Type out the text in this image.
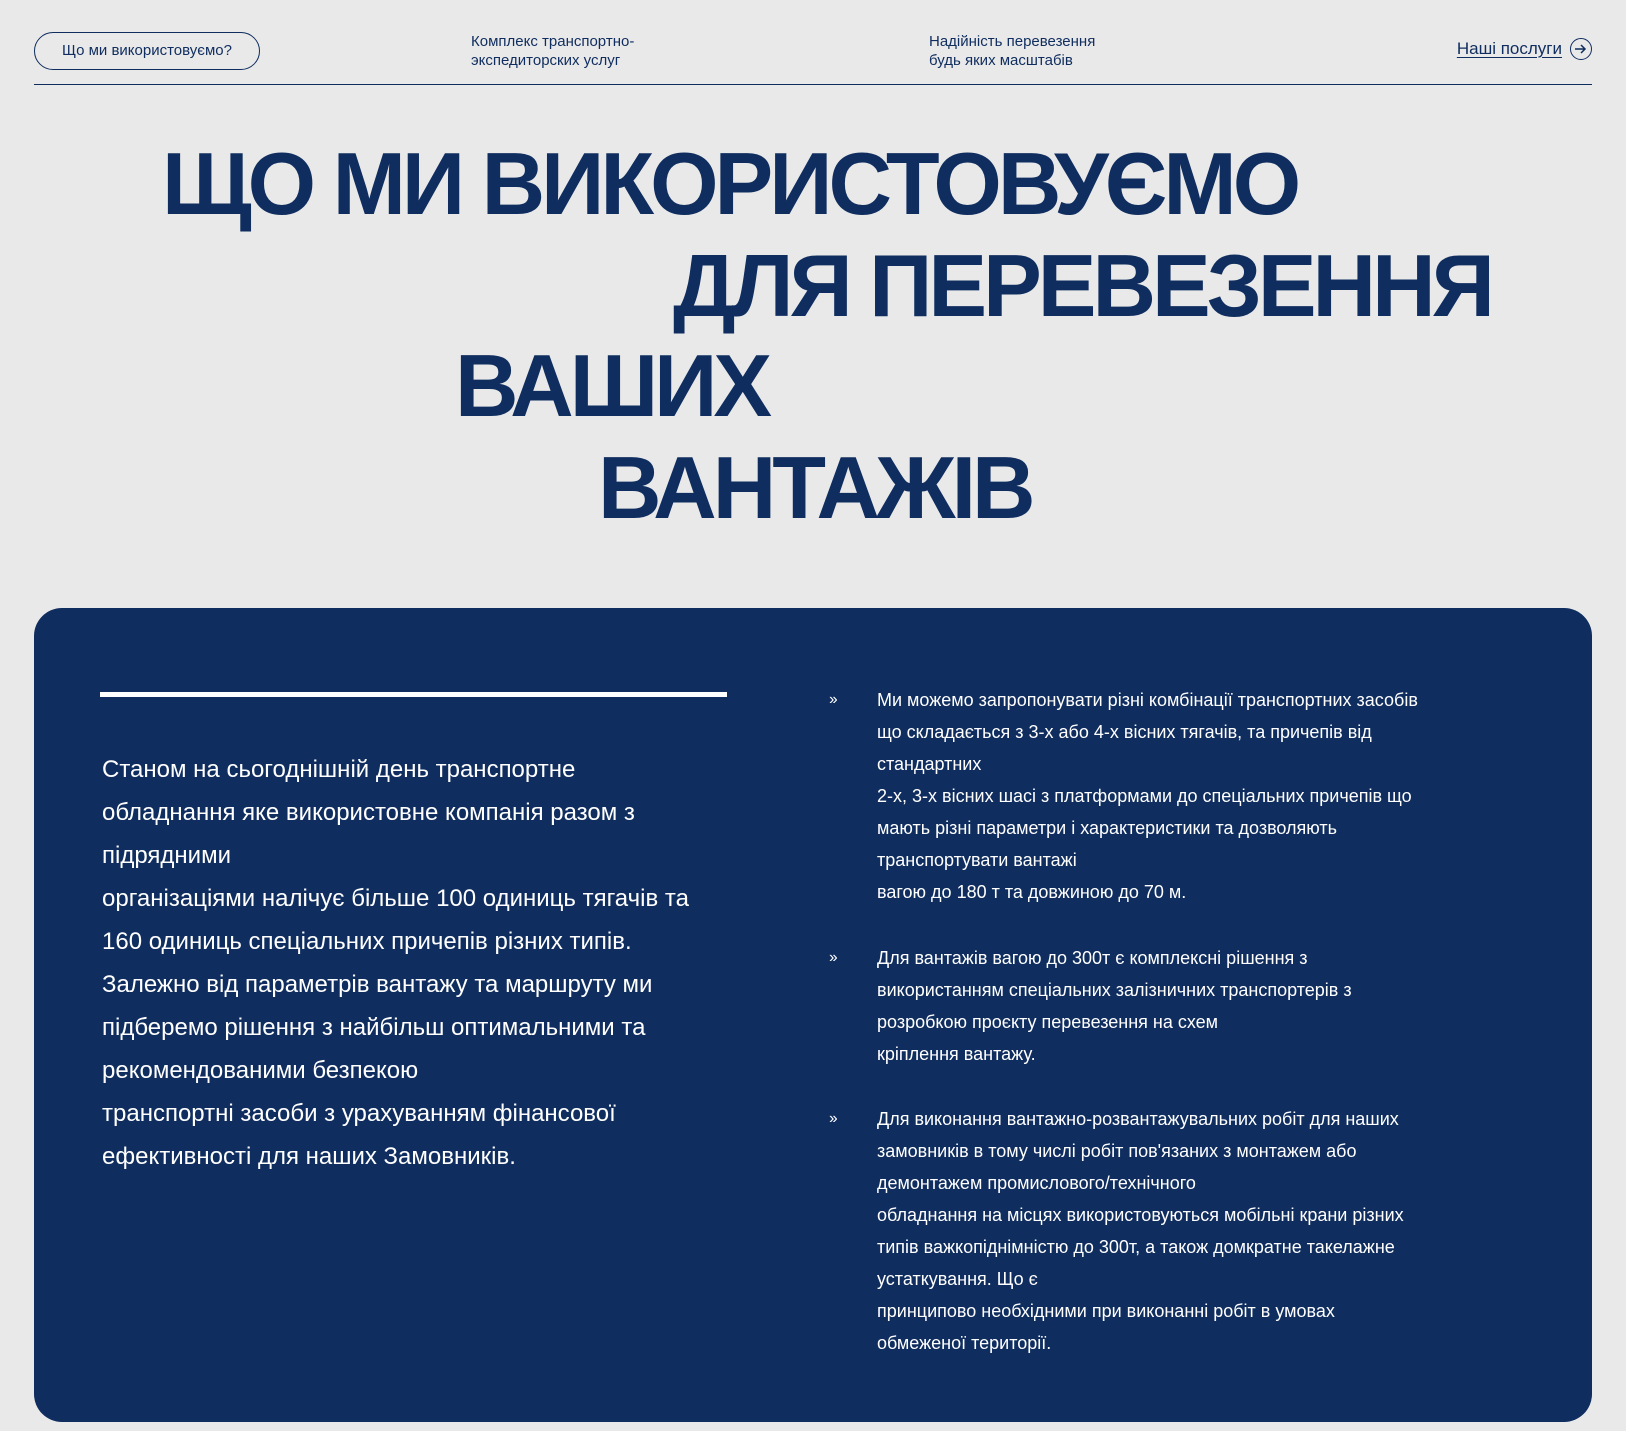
Що ми використовуємо?
Комплекс транспортно-
экспедиторских услуг
Надійність перевезення
будь яких масштабів
Наші послуги
ЩО МИ ВИКОРИСТОВУЄМО
ДЛЯ ПЕРЕВЕЗЕННЯ
ВАШИХ
ВАНТАЖІВ
Станом на сьогоднішній день транспортне
обладнання яке використовне компанія разом з
підрядними
організаціями налічує більше 100 одиниць тягачів та
160 одиниць спеціальних причепів різних типів.
Залежно від параметрів вантажу та маршруту ми
підберемо рішення з найбільш оптимальними та
рекомендованими безпекою
транспортні засоби з урахуванням фінансової
ефективності для наших Замовників.
››	Ми можемо запропонувати різні комбінації транспортних засобів
що складається з 3-х або 4-х вісних тягачів, та причепів від
стандартних
2-х, 3-х вісних шасі з платформами до спеціальних причепів що
мають різні параметри і характеристики та дозволяють
транспортувати вантажі
вагою до 180 т та довжиною до 70 м.
››	Для вантажів вагою до 300т є комплексні рішення з
використанням спеціальних залізничних транспортерів з
розробкою проєкту перевезення на схем
кріплення вантажу.
››	Для виконання вантажно-розвантажувальних робіт для наших
замовників в тому числі робіт пов'язаних з монтажем або
демонтажем промислового/технічного
обладнання на місцях використовуються мобільні крани різних
типів важкопіднімністю до 300т, а також домкратне такелажне
устаткування. Що є
принципово необхідними при виконанні робіт в умовах
обмеженої території.
